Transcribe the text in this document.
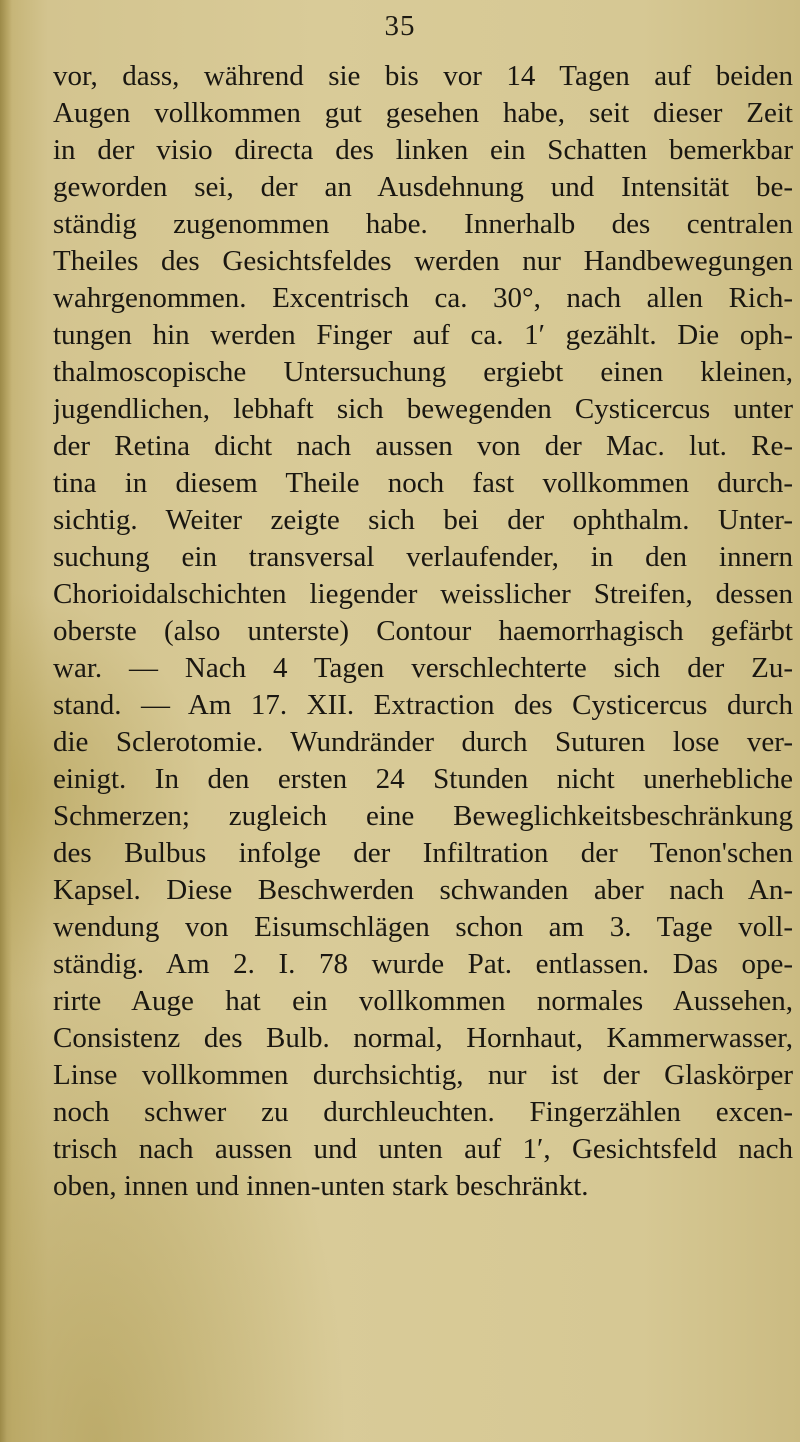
35
vor, dass, während sie bis vor 14 Tagen auf beiden
Augen vollkommen gut gesehen habe, seit dieser Zeit
in der visio directa des linken ein Schatten bemerkbar
geworden sei, der an Ausdehnung und Intensität be-
ständig zugenommen habe. Innerhalb des centralen
Theiles des Gesichtsfeldes werden nur Handbewegungen
wahrgenommen. Excentrisch ca. 30°, nach allen Rich-
tungen hin werden Finger auf ca. 1′ gezählt. Die oph-
thalmoscopische Untersuchung ergiebt einen kleinen,
jugendlichen, lebhaft sich bewegenden Cysticercus unter
der Retina dicht nach aussen von der Mac. lut. Re-
tina in diesem Theile noch fast vollkommen durch-
sichtig. Weiter zeigte sich bei der ophthalm. Unter-
suchung ein transversal verlaufender, in den innern
Chorioidalschichten liegender weisslicher Streifen, dessen
oberste (also unterste) Contour haemorrhagisch gefärbt
war. — Nach 4 Tagen verschlechterte sich der Zu-
stand. — Am 17. XII. Extraction des Cysticercus durch
die Sclerotomie. Wundränder durch Suturen lose ver-
einigt. In den ersten 24 Stunden nicht unerhebliche
Schmerzen; zugleich eine Beweglichkeitsbeschränkung
des Bulbus infolge der Infiltration der Tenon'schen
Kapsel. Diese Beschwerden schwanden aber nach An-
wendung von Eisumschlägen schon am 3. Tage voll-
ständig. Am 2. I. 78 wurde Pat. entlassen. Das ope-
rirte Auge hat ein vollkommen normales Aussehen,
Consistenz des Bulb. normal, Hornhaut, Kammerwasser,
Linse vollkommen durchsichtig, nur ist der Glaskörper
noch schwer zu durchleuchten. Fingerzählen excen-
trisch nach aussen und unten auf 1′, Gesichtsfeld nach
oben, innen und innen-unten stark beschränkt.
